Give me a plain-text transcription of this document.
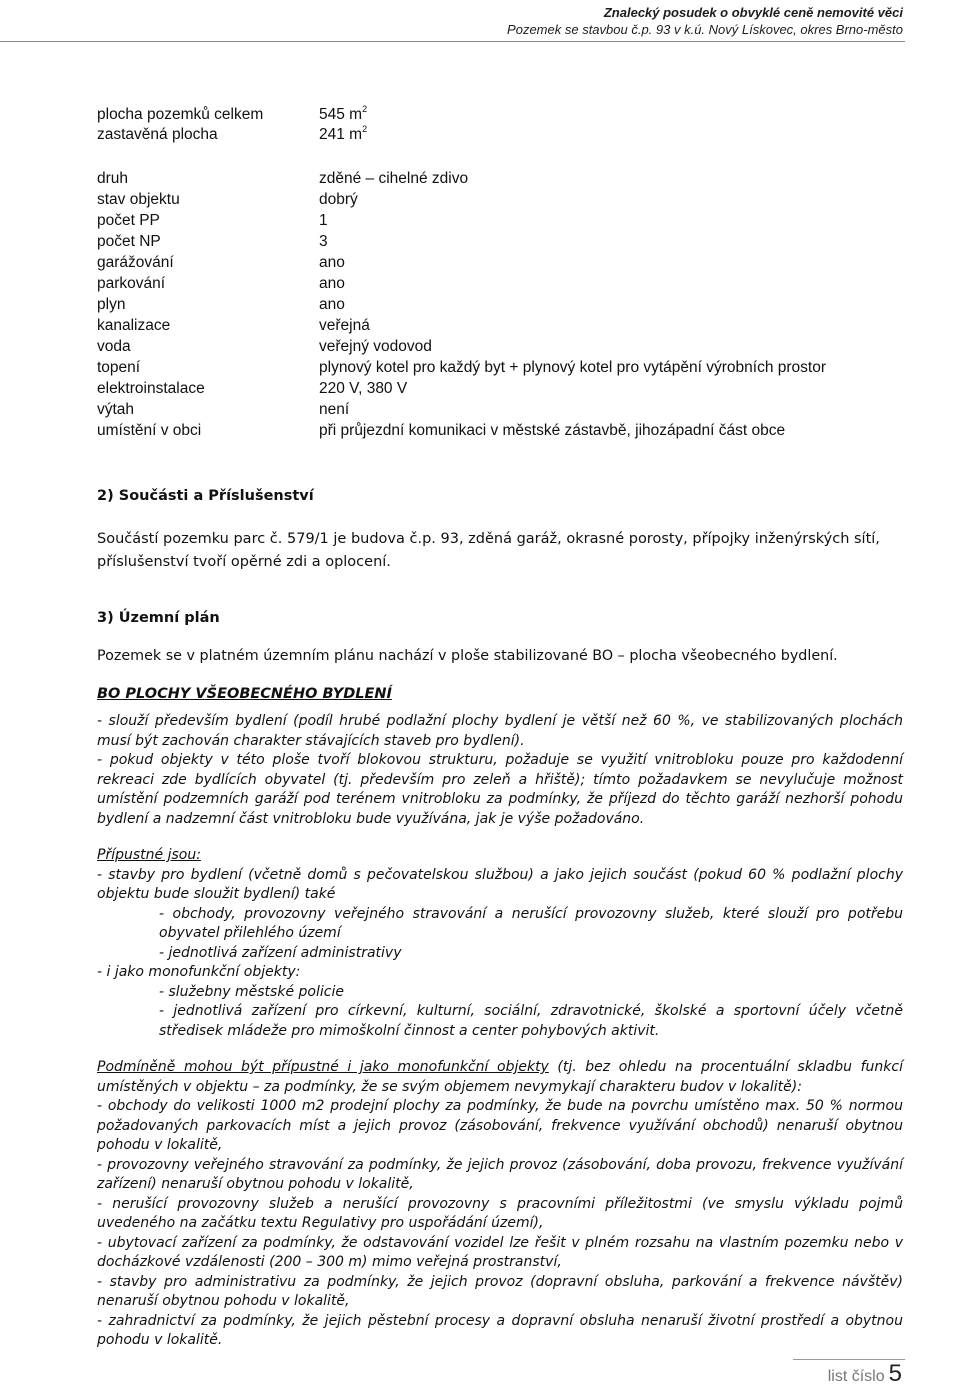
Znalecký posudek o obvyklé ceně nemovité věci
Pozemek se stavbou č.p. 93 v k.ú. Nový Lískovec, okres Brno-město
plocha pozemků celkem	545 $m^2$
zastavěná plocha	241 $m^2$
druh	zděné – cihelné zdivo
stav objektu	dobrý
počet PP	1
počet NP	3
garážování	ano
parkování	ano
plyn	ano
kanalizace	veřejná
voda	veřejný vodovod
topení	plynový kotel pro každý byt + plynový kotel pro vytápění výrobních prostor
elektroinstalace	220 V, 380 V
výtah	není
umístění v obci	při průjezdní komunikaci v městské zástavbě, jihozápadní část obce
2) Součásti a Příslušenství
Součástí pozemku parc č. 579/1 je budova č.p. 93, zděná garáž, okrasné porosty, přípojky inženýrských sítí, příslušenství tvoří opěrné zdi a oplocení.
3) Územní plán
Pozemek se v platném územním plánu nachází v ploše stabilizované BO – plocha všeobecného bydlení.
BO PLOCHY VŠEOBECNÉHO BYDLENÍ

- slouží především bydlení (podíl hrubé podlažní plochy bydlení je větší než 60 %, ve stabilizovaných plochách musí být zachován charakter stávajících staveb pro bydlení).

- pokud objekty v této ploše tvoří blokovou strukturu, požaduje se využití vnitrobloku pouze pro každodenní rekreaci zde bydlících obyvatel (tj. především pro zeleň a hřiště); tímto požadavkem se nevylučuje možnost umístění podzemních garáží pod terénem vnitrobloku za podmínky, že příjezd do těchto garáží nezhorší pohodu bydlení a nadzemní část vnitrobloku bude využívána, jak je výše požadováno.

Přípustné jsou:

- stavby pro bydlení (včetně domů s pečovatelskou službou) a jako jejich součást (pokud 60 % podlažní plochy objektu bude sloužit bydlení) také

- obchody, provozovny veřejného stravování a nerušící provozovny služeb, které slouží pro potřebu obyvatel přilehlého území

- jednotlivá zařízení administrativy

- i jako monofunkční objekty:

- služebny městské policie

- jednotlivá zařízení pro církevní, kulturní, sociální, zdravotnické, školské a sportovní účely včetně středisek mládeže pro mimoškolní činnost a center pohybových aktivit.

Podmíněně mohou být přípustné i jako monofunkční objekty (tj. bez ohledu na procentuální skladbu funkcí umístěných v objektu – za podmínky, že se svým objemem nevymykají charakteru budov v lokalitě):

- obchody do velikosti 1000 m2 prodejní plochy za podmínky, že bude na povrchu umístěno max. 50 % normou požadovaných parkovacích míst a jejich provoz (zásobování, frekvence využívání obchodů) nenaruší obytnou pohodu v lokalitě,

- provozovny veřejného stravování za podmínky, že jejich provoz (zásobování, doba provozu, frekvence využívání zařízení) nenaruší obytnou pohodu v lokalitě,

- nerušící provozovny služeb a nerušící provozovny s pracovními příležitostmi (ve smyslu výkladu pojmů uvedeného na začátku textu Regulativy pro uspořádání území),

- ubytovací zařízení za podmínky, že odstavování vozidel lze řešit v plném rozsahu na vlastním pozemku nebo v docházkové vzdálenosti (200 – 300 m) mimo veřejná prostranství,

- stavby pro administrativu za podmínky, že jejich provoz (dopravní obsluha, parkování a frekvence návštěv) nenaruší obytnou pohodu v lokalitě,

- zahradnictví za podmínky, že jejich pěstební procesy a dopravní obsluha nenaruší životní prostředí a obytnou pohodu v lokalitě.

list číslo 5
